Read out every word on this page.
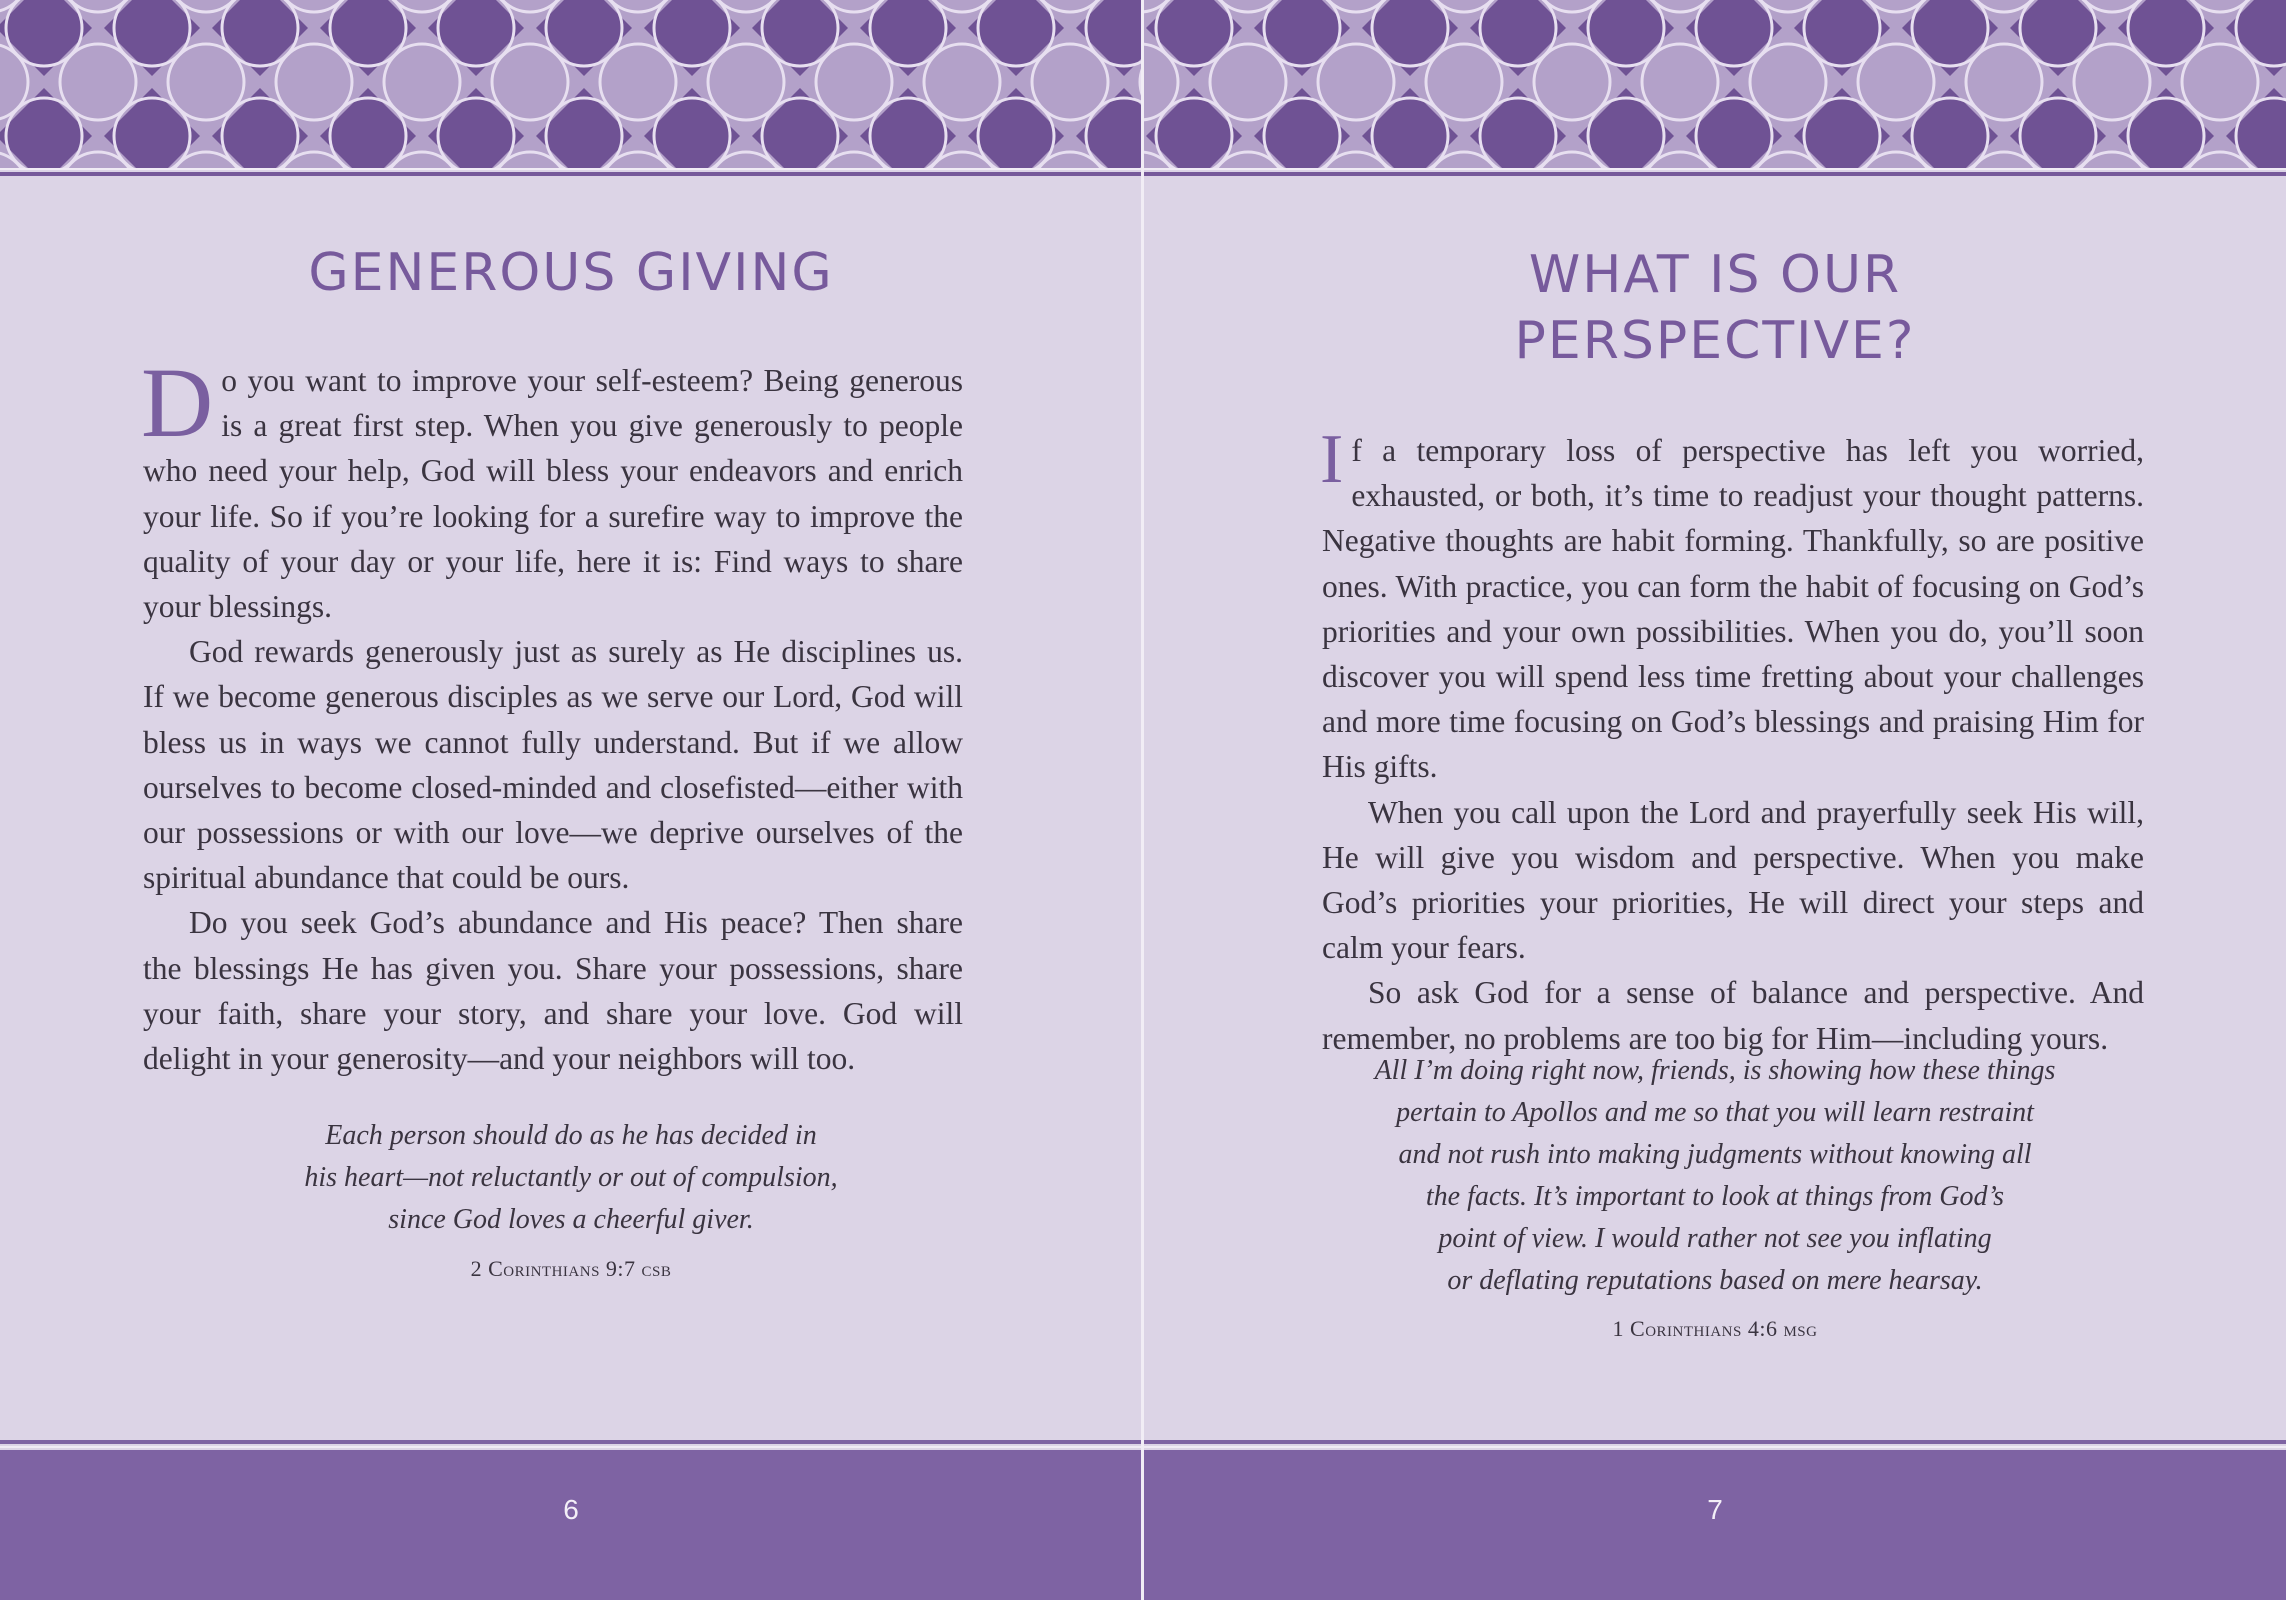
GENEROUS GIVING

Do you want to improve your self-esteem? Being generous is a great first step. When you give generously to people who need your help, God will bless your endeavors and enrich your life. So if you’re looking for a surefire way to improve the quality of your day or your life, here it is: Find ways to share your blessings.

God rewards generously just as surely as He disciplines us. If we become generous disciples as we serve our Lord, God will bless us in ways we cannot fully understand. But if we allow ourselves to become closed-minded and closefisted—either with our possessions or with our love—we deprive ourselves of the spiritual abundance that could be ours.

Do you seek God’s abundance and His peace? Then share the blessings He has given you. Share your possessions, share your faith, share your story, and share your love. God will delight in your generosity—and your neighbors will too.

Each person should do as he has decided in
his heart—not reluctantly or out of compulsion,
since God loves a cheerful giver.
2 Corinthians 9:7 csb
6
WHAT IS OUR
PERSPECTIVE?

If a temporary loss of perspective has left you worried, exhausted, or both, it’s time to readjust your thought patterns. Negative thoughts are habit forming. Thankfully, so are positive ones. With practice, you can form the habit of focusing on God’s priorities and your own possibilities. When you do, you’ll soon discover you will spend less time fretting about your challenges and more time focusing on God’s blessings and praising Him for His gifts.

When you call upon the Lord and prayerfully seek His will, He will give you wisdom and perspective. When you make God’s priorities your priorities, He will direct your steps and calm your fears.

So ask God for a sense of balance and perspective. And remember, no problems are too big for Him—including yours.

All I’m doing right now, friends, is showing how these things
pertain to Apollos and me so that you will learn restraint
and not rush into making judgments without knowing all
the facts. It’s important to look at things from God’s
point of view. I would rather not see you inflating
or deflating reputations based on mere hearsay.
1 Corinthians 4:6 msg
7
